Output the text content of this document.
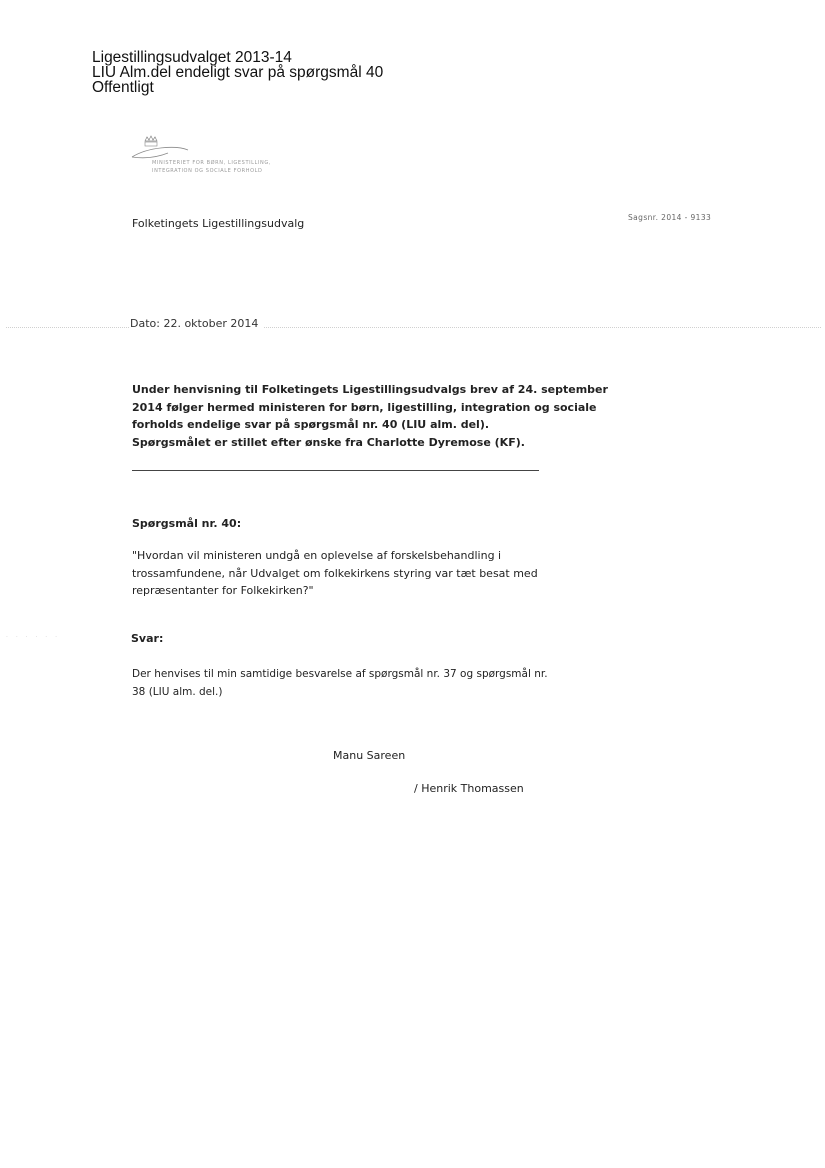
Ligestillingsudvalget 2013-14
LIU Alm.del endeligt svar på spørgsmål 40
Offentligt
MINISTERIET FOR BØRN, LIGESTILLING,
INTEGRATION OG SOCIALE FORHOLD
Folketingets Ligestillingsudvalg	Sagsnr. 2014 - 9133
Dato: 22. oktober 2014

Under henvisning til Folketingets Ligestillingsudvalgs brev af 24. september

2014 følger hermed ministeren for børn, ligestilling, integration og sociale

forholds endelige svar på spørgsmål nr. 40 (LIU alm. del).

Spørgsmålet er stillet efter ønske fra Charlotte Dyremose (KF).

Spørgsmål nr. 40:

"Hvordan vil ministeren undgå en oplevelse af forskelsbehandling i

trossamfundene, når Udvalget om folkekirkens styring var tæt besat med

repræsentanter for Folkekirken?"

· · · · · ·	Svar:

Der henvises til min samtidige besvarelse af spørgsmål nr. 37 og spørgsmål nr.

38 (LIU alm. del.)

Manu Sareen
/ Henrik Thomassen
